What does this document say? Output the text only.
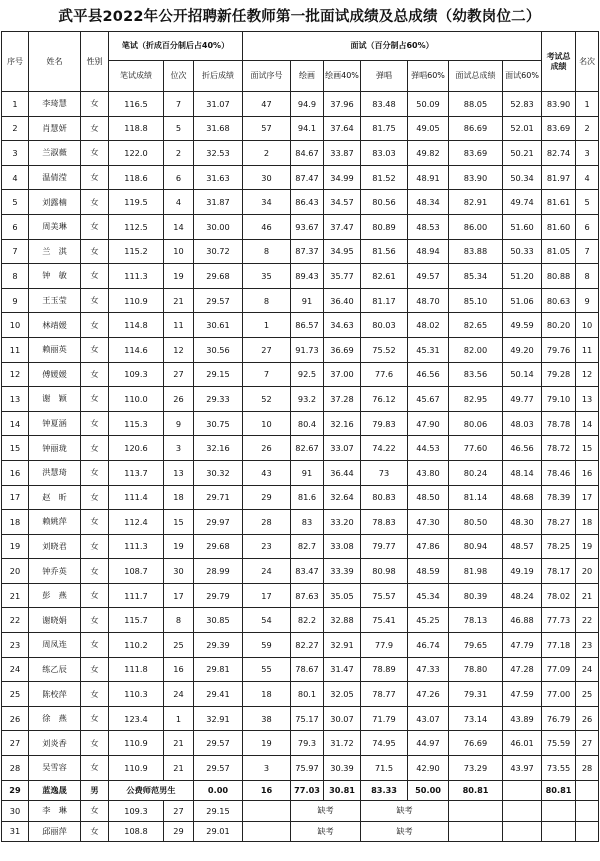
武平县2022年公开招聘新任教师第一批面试成绩及总成绩（幼教岗位二）
序号	姓名	性别	笔试（折成百分制后占40%）			面试（百分制占60%）							考试总成绩	名次
			笔试成绩	位次	折后成绩	面试序号	绘画	绘画40%	弹唱	弹唱60%	面试总成绩	面试60%		
1	李琦慧	女	116.5	7	31.07	47	94.9	37.96	83.48	50.09	88.05	52.83	83.90	1
2	肖慧妍	女	118.8	5	31.68	57	94.1	37.64	81.75	49.05	86.69	52.01	83.69	2
3	兰淑薇	女	122.0	2	32.53	2	84.67	33.87	83.03	49.82	83.69	50.21	82.74	3
4	温倩滢	女	118.6	6	31.63	30	87.47	34.99	81.52	48.91	83.90	50.34	81.97	4
5	刘露楠	女	119.5	4	31.87	34	86.43	34.57	80.56	48.34	82.91	49.74	81.61	5
6	周美琳	女	112.5	14	30.00	46	93.67	37.47	80.89	48.53	86.00	51.60	81.60	6
7	兰　淇	女	115.2	10	30.72	8	87.37	34.95	81.56	48.94	83.88	50.33	81.05	7
8	钟　敏	女	111.3	19	29.68	35	89.43	35.77	82.61	49.57	85.34	51.20	80.88	8
9	王玉莹	女	110.9	21	29.57	8	91	36.40	81.17	48.70	85.10	51.06	80.63	9
10	林靖媛	女	114.8	11	30.61	1	86.57	34.63	80.03	48.02	82.65	49.59	80.20	10
11	赖丽英	女	114.6	12	30.56	27	91.73	36.69	75.52	45.31	82.00	49.20	79.76	11
12	傅媛媛	女	109.3	27	29.15	7	92.5	37.00	77.6	46.56	83.56	50.14	79.28	12
13	谢　颖	女	110.0	26	29.33	52	93.2	37.28	76.12	45.67	82.95	49.77	79.10	13
14	钟夏涵	女	115.3	9	30.75	10	80.4	32.16	79.83	47.90	80.06	48.03	78.78	14
15	钟丽珑	女	120.6	3	32.16	26	82.67	33.07	74.22	44.53	77.60	46.56	78.72	15
16	洪慧琦	女	113.7	13	30.32	43	91	36.44	73	43.80	80.24	48.14	78.46	16
17	赵　昕	女	111.4	18	29.71	29	81.6	32.64	80.83	48.50	81.14	48.68	78.39	17
18	赖姚萍	女	112.4	15	29.97	28	83	33.20	78.83	47.30	80.50	48.30	78.27	18
19	刘晓君	女	111.3	19	29.68	23	82.7	33.08	79.77	47.86	80.94	48.57	78.25	19
20	钟乔英	女	108.7	30	28.99	24	83.47	33.39	80.98	48.59	81.98	49.19	78.17	20
21	彭　燕	女	111.7	17	29.79	17	87.63	35.05	75.57	45.34	80.39	48.24	78.02	21
22	谢晓娟	女	115.7	8	30.85	54	82.2	32.88	75.41	45.25	78.13	46.88	77.73	22
23	周凤连	女	110.2	25	29.39	59	82.27	32.91	77.9	46.74	79.65	47.79	77.18	23
24	练乙辰	女	111.8	16	29.81	55	78.67	31.47	78.89	47.33	78.80	47.28	77.09	24
25	陈校萍	女	110.3	24	29.41	18	80.1	32.05	78.77	47.26	79.31	47.59	77.00	25
26	徐　燕	女	123.4	1	32.91	38	75.17	30.07	71.79	43.07	73.14	43.89	76.79	26
27	刘炎香	女	110.9	21	29.57	19	79.3	31.72	74.95	44.97	76.69	46.01	75.59	27
28	吴雪容	女	110.9	21	29.57	3	75.97	30.39	71.5	42.90	73.29	43.97	73.55	28
29	蓝逸晟	男	公费师范男生		0.00	16	77.03	30.81	83.33	50.00	80.81		80.81	
30	李　琳	女	109.3	27	29.15		缺考		缺考					
31	邱丽萍	女	108.8	29	29.01		缺考		缺考					
